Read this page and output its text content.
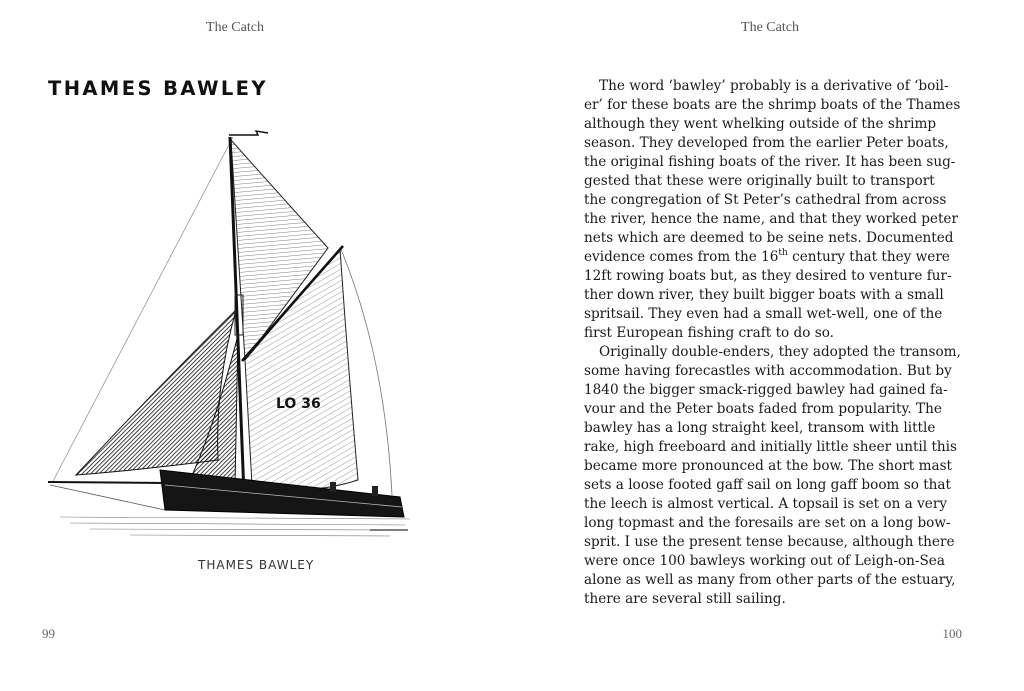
The Catch
THAMES BAWLEY
LO 36
THAMES BAWLEY
99
The Catch

The word ‘bawley’ probably is a derivative of ‘boil-
er’ for these boats are the shrimp boats of the Thames
although they went whelking outside of the shrimp
season. They developed from the earlier Peter boats,
the original fishing boats of the river. It has been sug-
gested that these were originally built to transport
the congregation of St Peter’s cathedral from across
the river, hence the name, and that they worked peter
nets which are deemed to be seine nets. Documented
evidence comes from the 16th century that they were
12ft rowing boats but, as they desired to venture fur-
ther down river, they built bigger boats with a small
spritsail. They even had a small wet-well, one of the
first European fishing craft to do so.

Originally double-enders, they adopted the transom,
some having forecastles with accommodation. But by
1840 the bigger smack-rigged bawley had gained fa-
vour and the Peter boats faded from popularity. The
bawley has a long straight keel, transom with little
rake, high freeboard and initially little sheer until this
became more pronounced at the bow. The short mast
sets a loose footed gaff sail on long gaff boom so that
the leech is almost vertical. A topsail is set on a very
long topmast and the foresails are set on a long bow-
sprit. I use the present tense because, although there
were once 100 bawleys working out of Leigh-on-Sea
alone as well as many from other parts of the estuary,
there are several still sailing.

100
